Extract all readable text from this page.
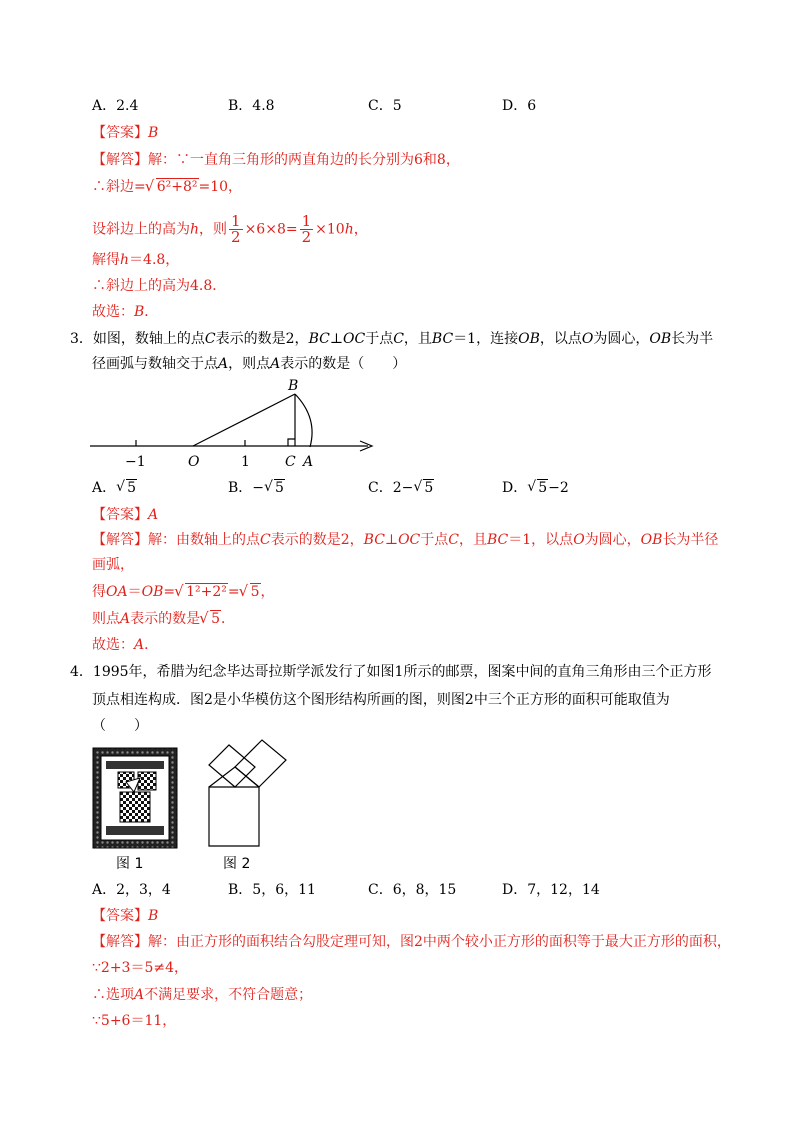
A．2.4	B．4.8	C．5	D．6
【答案】B
【解答】解：∵一直角三角形的两直角边的长分别为6和8，
∴斜边= √ 6²+8²=10，
设斜边上的高为h，则 $\frac{1}{2} \times 6\times 8= \frac{1}{2} \times 10h$，
解得h＝4.8，
∴斜边上的高为4.8．
故选：B．
3．如图，数轴上的点C表示的数是2，BC⊥OC于点C，且BC＝1，连接OB，以点O为圆心，OB长为半
径画弧与数轴交于点A，则点A表示的数是（　　）
B
−1	O	1	C A
A． √ 5	B．− √ 5	C．2− √ 5	D． √ 5−2
【答案】A
【解答】解：由数轴上的点C表示的数是2，BC⊥OC于点C，且BC＝1，以点O为圆心，OB长为半径
画弧，
得OA＝OB= √ 1²+2²= √ 5，
则点A表示的数是 √ 5．
故选：A．
4．1995年，希腊为纪念毕达哥拉斯学派发行了如图1所示的邮票，图案中间的直角三角形由三个正方形
顶点相连构成．图2是小华模仿这个图形结构所画的图，则图2中三个正方形的面积可能取值为
（　　）
图 1	图 2
A．2，3，4	B．5，6，11	C．6，8，15	D．7，12，14
【答案】B
【解答】解：由正方形的面积结合勾股定理可知，图2中两个较小正方形的面积等于最大正方形的面积，
∵2+3＝5≠4，
∴选项A不满足要求，不符合题意；
∵5+6＝11，
